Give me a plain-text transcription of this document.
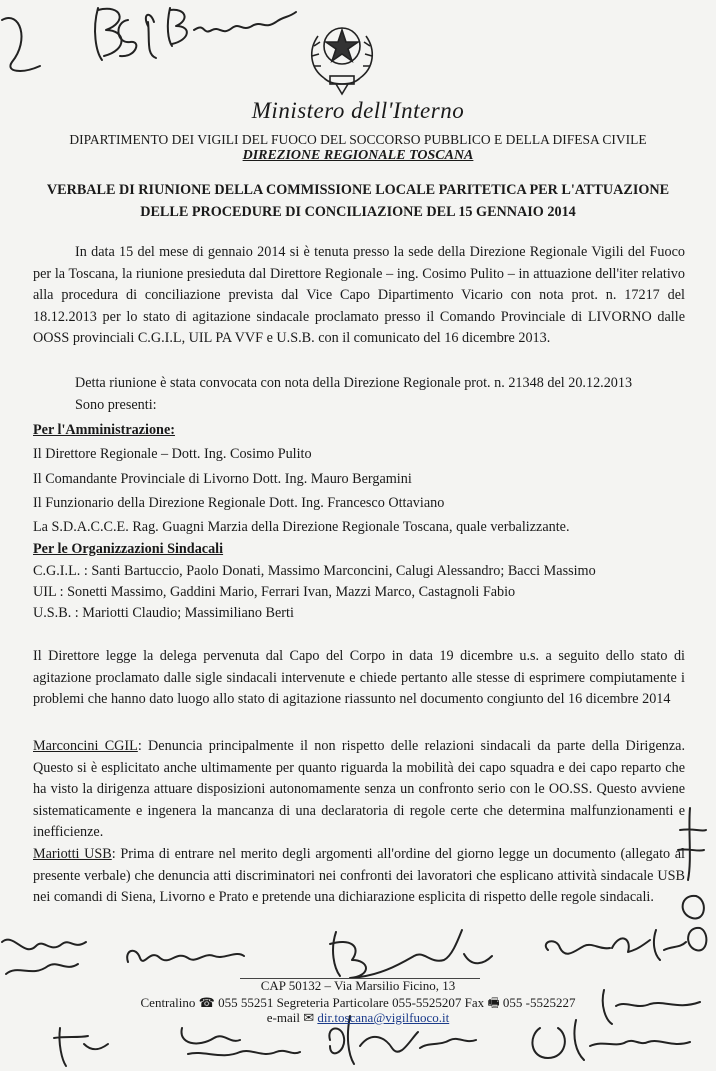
Ministero dell'Interno
DIPARTIMENTO DEI VIGILI DEL FUOCO DEL SOCCORSO PUBBLICO E DELLA DIFESA CIVILE
DIREZIONE REGIONALE TOSCANA
VERBALE DI RIUNIONE DELLA COMMISSIONE LOCALE PARITETICA PER L'ATTUAZIONE
DELLE PROCEDURE DI CONCILIAZIONE DEL 15 GENNAIO 2014
In data 15 del mese di gennaio 2014 si è tenuta presso la sede della Direzione Regionale Vigili del Fuoco per la Toscana, la riunione presieduta dal Direttore Regionale – ing. Cosimo Pulito – in attuazione dell'iter relativo alla procedura di conciliazione prevista dal Vice Capo Dipartimento Vicario con nota prot. n. 17217 del 18.12.2013 per lo stato di agitazione sindacale proclamato presso il Comando Provinciale di LIVORNO dalle OOSS provinciali C.G.I.L, UIL PA VVF e U.S.B. con il comunicato del 16 dicembre 2013.
Detta riunione è stata convocata con nota della Direzione Regionale prot. n. 21348 del 20.12.2013
Sono presenti:
Per l'Amministrazione:
Il Direttore Regionale – Dott. Ing. Cosimo Pulito
Il Comandante Provinciale di Livorno Dott. Ing. Mauro Bergamini
Il Funzionario della Direzione Regionale Dott. Ing. Francesco Ottaviano
La S.D.A.C.C.E. Rag. Guagni Marzia della Direzione Regionale Toscana, quale verbalizzante.
Per le Organizzazioni Sindacali
C.G.I.L. : Santi Bartuccio, Paolo Donati, Massimo Marconcini, Calugi Alessandro; Bacci Massimo
UIL : Sonetti Massimo, Gaddini Mario, Ferrari Ivan, Mazzi Marco, Castagnoli Fabio
U.S.B. : Mariotti Claudio; Massimiliano Berti
Il Direttore legge la delega pervenuta dal Capo del Corpo in data 19 dicembre u.s. a seguito dello stato di agitazione proclamato dalle sigle sindacali intervenute e chiede pertanto alle stesse di esprimere compiutamente i problemi che hanno dato luogo allo stato di agitazione riassunto nel documento congiunto del 16 dicembre 2014
Marconcini CGIL: Denuncia principalmente il non rispetto delle relazioni sindacali da parte della Dirigenza. Questo si è esplicitato anche ultimamente per quanto riguarda la mobilità dei capo squadra e dei capo reparto che ha visto la dirigenza attuare disposizioni autonomamente senza un confronto serio con le OO.SS. Questo avviene sistematicamente e ingenera la mancanza di una declaratoria di regole certe che determina malfunzionamenti e inefficienze.
Mariotti USB: Prima di entrare nel merito degli argomenti all'ordine del giorno legge un documento (allegato al presente verbale) che denuncia atti discriminatori nei confronti dei lavoratori che esplicano attività sindacale USB nei comandi di Siena, Livorno e Prato e pretende una dichiarazione esplicita di rispetto delle regole sindacali.
CAP 50132 – Via Marsilio Ficino, 13
Centralino ☎ 055 55251 Segreteria Particolare 055-5525207 Fax 🖷 055 -5525227
e-mail ✉ dir.toscana@vigilfuoco.it
